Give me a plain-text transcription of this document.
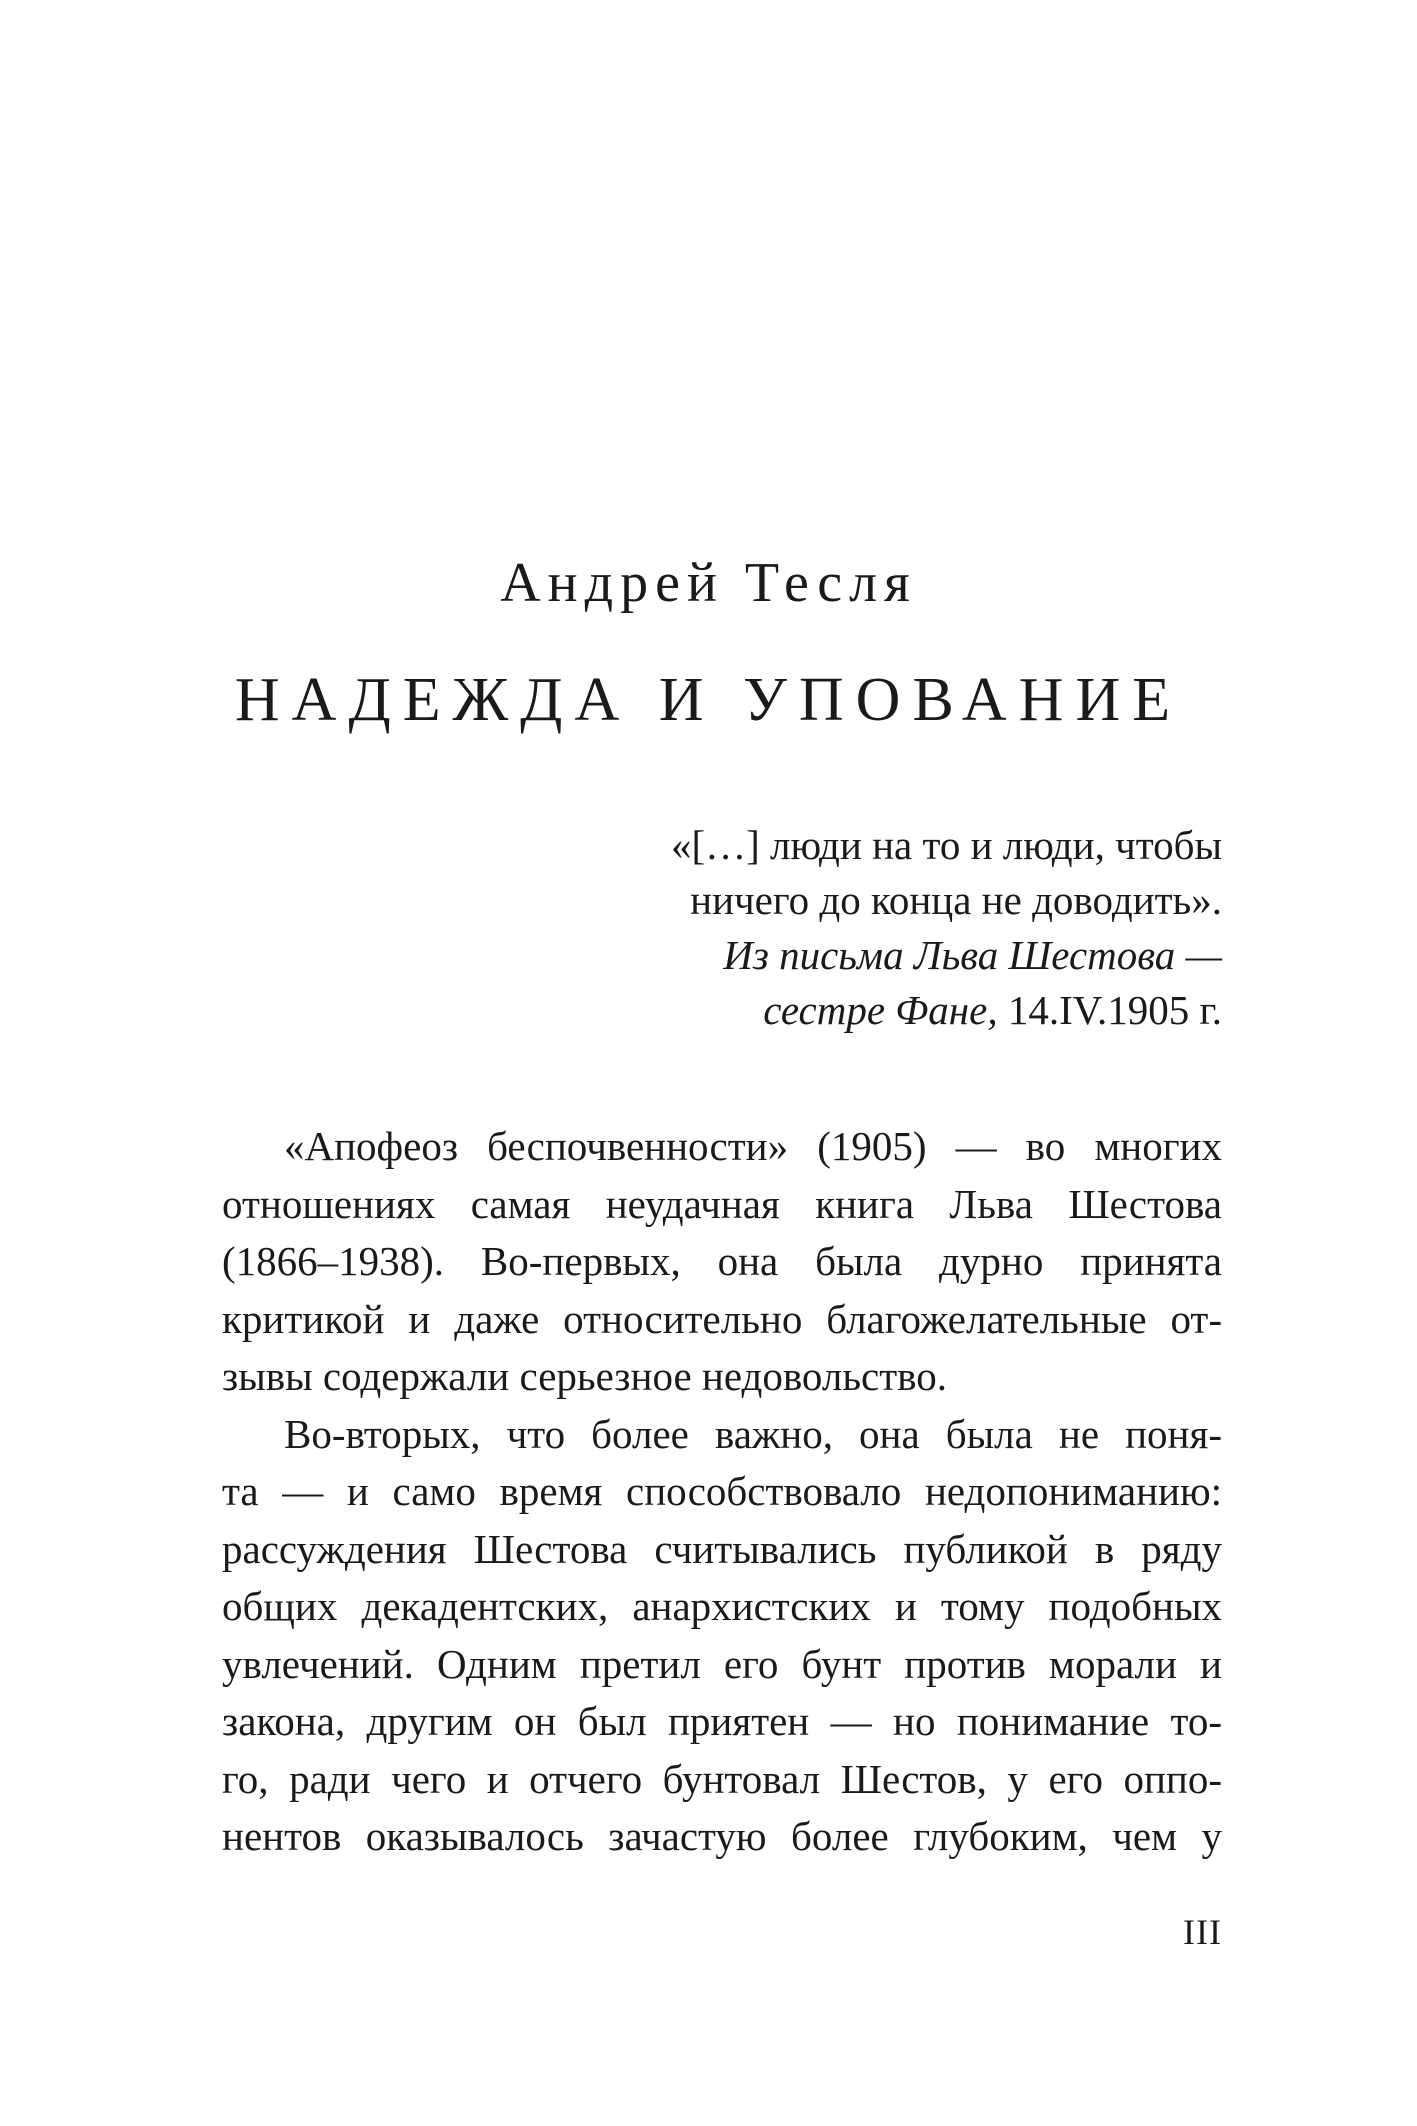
Андрей Тесля
НАДЕЖДА И УПОВАНИЕ
«[…] люди на то и люди, чтобы
ничего до конца не доводить».
Из письма Льва Шестова —
сестре Фане, 14.IV.1905 г.

«Апофеоз беспочвенности» (1905) — во многих
отношениях самая неудачная книга Льва Шестова
(1866–1938). Во-первых, она была дурно принята
критикой и даже относительно благожелательные от-
зывы содержали серьезное недовольство.

Во-вторых, что более важно, она была не поня-
та — и само время способствовало недопониманию:
рассуждения Шестова считывались публикой в ряду
общих декадентских, анархистских и тому подобных
увлечений. Одним претил его бунт против морали и
закона, другим он был приятен — но понимание то-
го, ради чего и отчего бунтовал Шестов, у его оппо-
нентов оказывалось зачастую более глубоким, чем у

III
